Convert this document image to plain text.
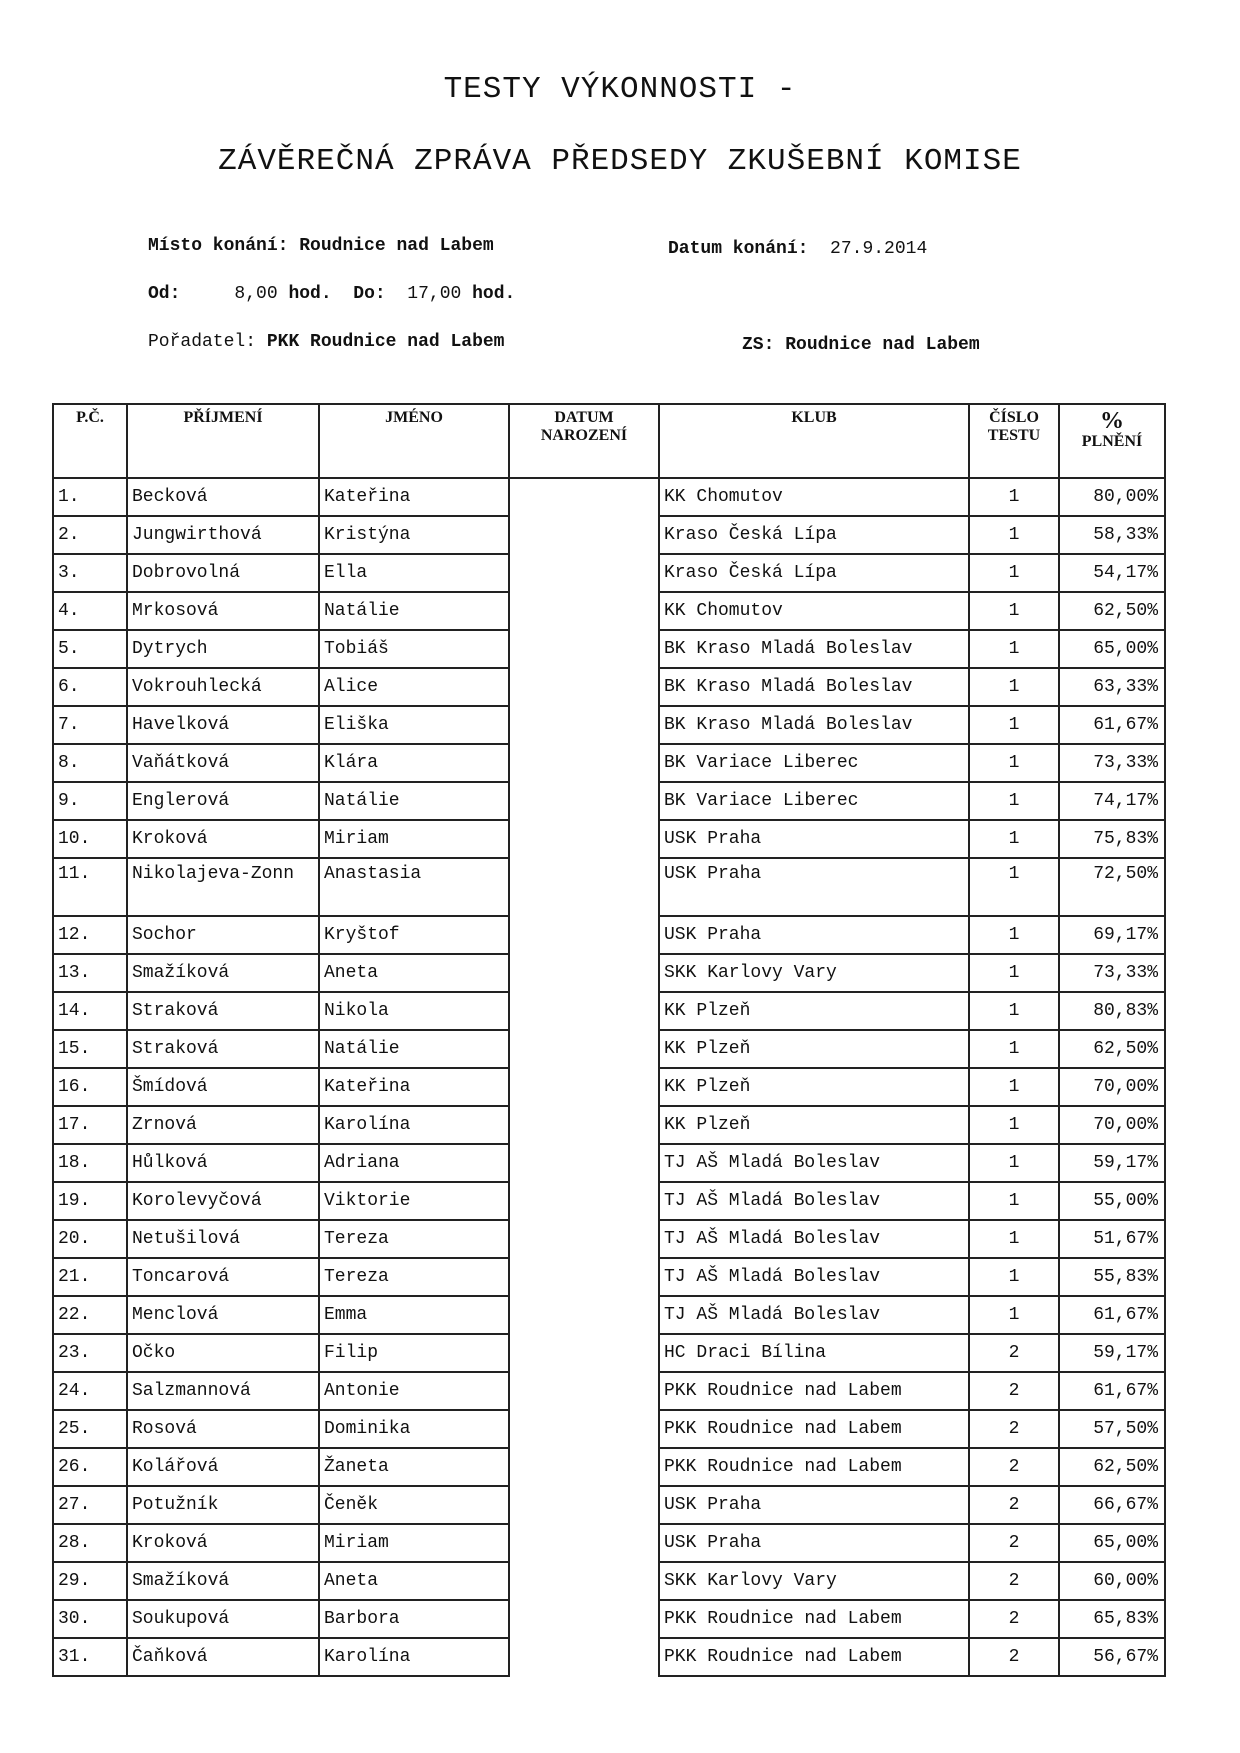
TESTY VÝKONNOSTI -
ZÁVĚREČNÁ ZPRÁVA PŘEDSEDY ZKUŠEBNÍ KOMISE
Místo konání: Roudnice nad Labem	Datum konání: 27.9.2014
Od:	8,00 hod. Do: 17,00 hod.
Pořadatel: PKK Roudnice nad Labem	ZS: Roudnice nad Labem
P.Č.	PŘÍJMENÍ	JMÉNO	DATUM NAROZENÍ	KLUB	ČÍSLO TESTU	%
PLNĚNÍ
1.	Becková	Kateřina		KK Chomutov	1	80,00%
2.	Jungwirthová	Kristýna		Kraso Česká Lípa	1	58,33%
3.	Dobrovolná	Ella		Kraso Česká Lípa	1	54,17%
4.	Mrkosová	Natálie		KK Chomutov	1	62,50%
5.	Dytrych	Tobiáš		BK Kraso Mladá Boleslav	1	65,00%
6.	Vokrouhlecká	Alice		BK Kraso Mladá Boleslav	1	63,33%
7.	Havelková	Eliška		BK Kraso Mladá Boleslav	1	61,67%
8.	Vaňátková	Klára		BK Variace Liberec	1	73,33%
9.	Englerová	Natálie		BK Variace Liberec	1	74,17%
10.	Kroková	Miriam		USK Praha	1	75,83%
11.	Nikolajeva-Zonn	Anastasia		USK Praha	1	72,50%
12.	Sochor	Kryštof		USK Praha	1	69,17%
13.	Smažíková	Aneta		SKK Karlovy Vary	1	73,33%
14.	Straková	Nikola		KK Plzeň	1	80,83%
15.	Straková	Natálie		KK Plzeň	1	62,50%
16.	Šmídová	Kateřina		KK Plzeň	1	70,00%
17.	Zrnová	Karolína		KK Plzeň	1	70,00%
18.	Hůlková	Adriana		TJ AŠ Mladá Boleslav	1	59,17%
19.	Korolevyčová	Viktorie		TJ AŠ Mladá Boleslav	1	55,00%
20.	Netušilová	Tereza		TJ AŠ Mladá Boleslav	1	51,67%
21.	Toncarová	Tereza		TJ AŠ Mladá Boleslav	1	55,83%
22.	Menclová	Emma		TJ AŠ Mladá Boleslav	1	61,67%
23.	Očko	Filip		HC Draci Bílina	2	59,17%
24.	Salzmannová	Antonie		PKK Roudnice nad Labem	2	61,67%
25.	Rosová	Dominika		PKK Roudnice nad Labem	2	57,50%
26.	Kolářová	Žaneta		PKK Roudnice nad Labem	2	62,50%
27.	Potužník	Čeněk		USK Praha	2	66,67%
28.	Kroková	Miriam		USK Praha	2	65,00%
29.	Smažíková	Aneta		SKK Karlovy Vary	2	60,00%
30.	Soukupová	Barbora		PKK Roudnice nad Labem	2	65,83%
31.	Čaňková	Karolína		PKK Roudnice nad Labem	2	56,67%
